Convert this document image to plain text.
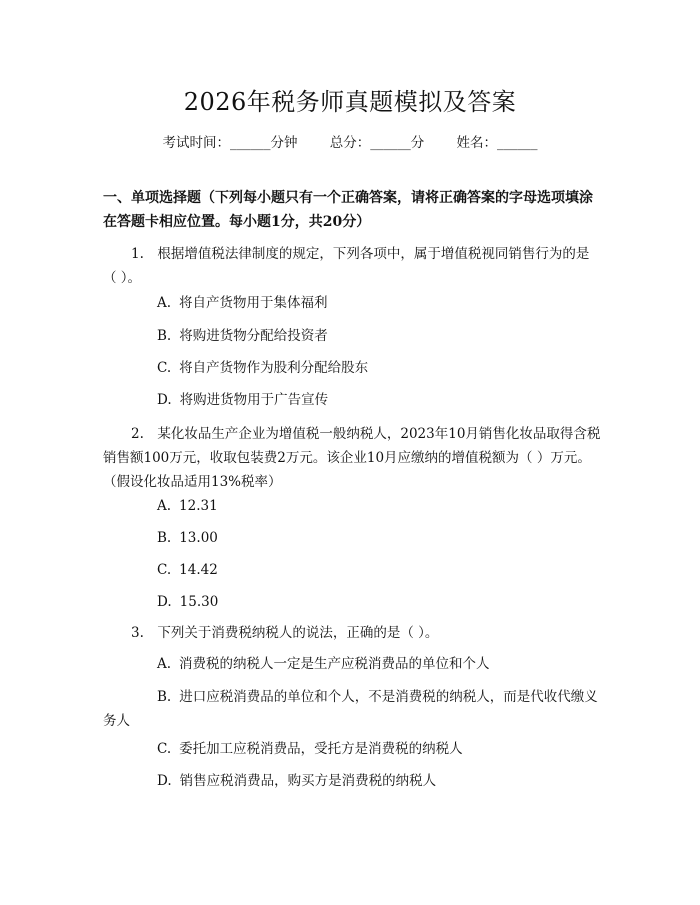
2026年税务师真题模拟及答案
考试时间：______分钟 总分：______分 姓名：______
一、单项选择题（下列每小题只有一个正确答案，请将正确答案的字母选项填涂在答题卡相应位置。每小题1分，共20分）
1.　根据增值税法律制度的规定，下列各项中，属于增值税视同销售行为的是（ ）。
A. 将自产货物用于集体福利
B. 将购进货物分配给投资者
C. 将自产货物作为股利分配给股东
D. 将购进货物用于广告宣传
2.　某化妆品生产企业为增值税一般纳税人，2023年10月销售化妆品取得含税销售额100万元，收取包装费2万元。该企业10月应缴纳的增值税额为（ ）万元。（假设化妆品适用13%税率）
A. 12.31
B. 13.00
C. 14.42
D. 15.30
3.　下列关于消费税纳税人的说法，正确的是（ ）。
A. 消费税的纳税人一定是生产应税消费品的单位和个人
B. 进口应税消费品的单位和个人，不是消费税的纳税人，而是代收代缴义务人
C. 委托加工应税消费品，受托方是消费税的纳税人
D. 销售应税消费品，购买方是消费税的纳税人
